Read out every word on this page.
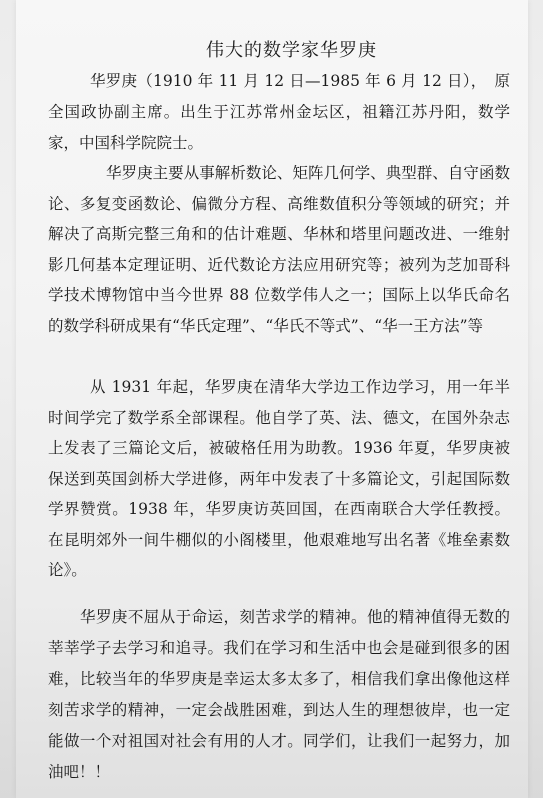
伟大的数学家华罗庚

华罗庚（1910 年 11 月 12 日—1985 年 6 月 12 日），　原全国政协副主席。出生于江苏常州金坛区，祖籍江苏丹阳，数学家，中国科学院院士。

华罗庚主要从事解析数论、矩阵几何学、典型群、自守函数论、多复变函数论、偏微分方程、高维数值积分等领域的研究；并解决了高斯完整三角和的估计难题、华林和塔里问题改进、一维射影几何基本定理证明、近代数论方法应用研究等；被列为芝加哥科学技术博物馆中当今世界 88 位数学伟人之一；国际上以华氏命名的数学科研成果有“华氏定理”、“华氏不等式”、“华一王方法”等

从 1931 年起，华罗庚在清华大学边工作边学习，用一年半时间学完了数学系全部课程。他自学了英、法、德文，在国外杂志上发表了三篇论文后，被破格任用为助教。1936 年夏，华罗庚被保送到英国剑桥大学进修，两年中发表了十多篇论文，引起国际数学界赞赏。1938 年，华罗庚访英回国，在西南联合大学任教授。在昆明郊外一间牛棚似的小阁楼里，他艰难地写出名著《堆垒素数论》。

华罗庚不屈从于命运，刻苦求学的精神。他的精神值得无数的莘莘学子去学习和追寻。我们在学习和生活中也会是碰到很多的困难，比较当年的华罗庚是幸运太多太多了，相信我们拿出像他这样刻苦求学的精神，一定会战胜困难，到达人生的理想彼岸，也一定能做一个对祖国对社会有用的人才。同学们，让我们一起努力，加油吧！！
